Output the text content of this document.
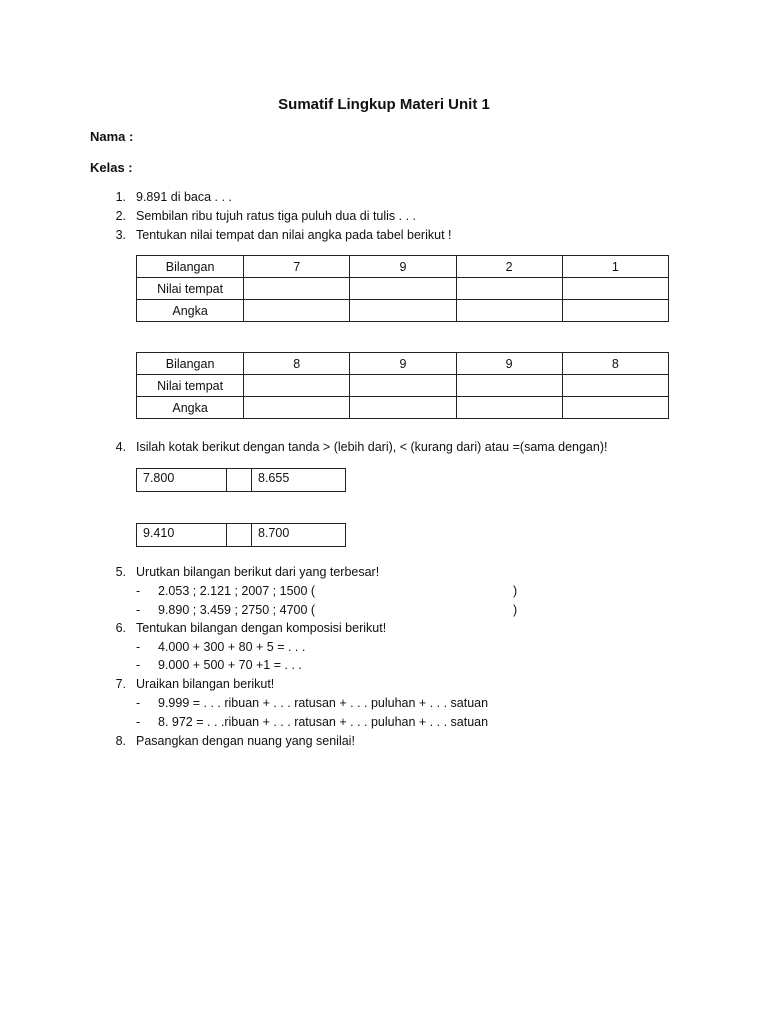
Sumatif Lingkup Materi Unit 1
Nama :
Kelas :
1. 9.891 di baca . . .
2. Sembilan ribu tujuh ratus tiga puluh dua di tulis . . .
3. Tentukan nilai tempat dan nilai angka pada tabel berikut !
Bilangan	7	9	2	1
Nilai tempat				
Angka				
Bilangan	8	9	9	8
Nilai tempat				
Angka				
4. Isilah kotak berikut dengan tanda > (lebih dari), < (kurang dari) atau =(sama dengan)!
7.800		8.655
9.410		8.700
5. Urutkan bilangan berikut dari yang terbesar!
- 2.053 ; 2.121 ; 2007 ; 1500 (	)
- 9.890 ; 3.459 ; 2750 ; 4700 (	)
6. Tentukan bilangan dengan komposisi berikut!
- 4.000 + 300 + 80 + 5 = . . .
- 9.000 + 500 + 70 +1 = . . .
7. Uraikan bilangan berikut!
- 9.999 = . . . ribuan + . . . ratusan + . . . puluhan + . . . satuan
- 8. 972 = . . .ribuan + . . . ratusan + . . . puluhan + . . . satuan
8. Pasangkan dengan nuang yang senilai!
